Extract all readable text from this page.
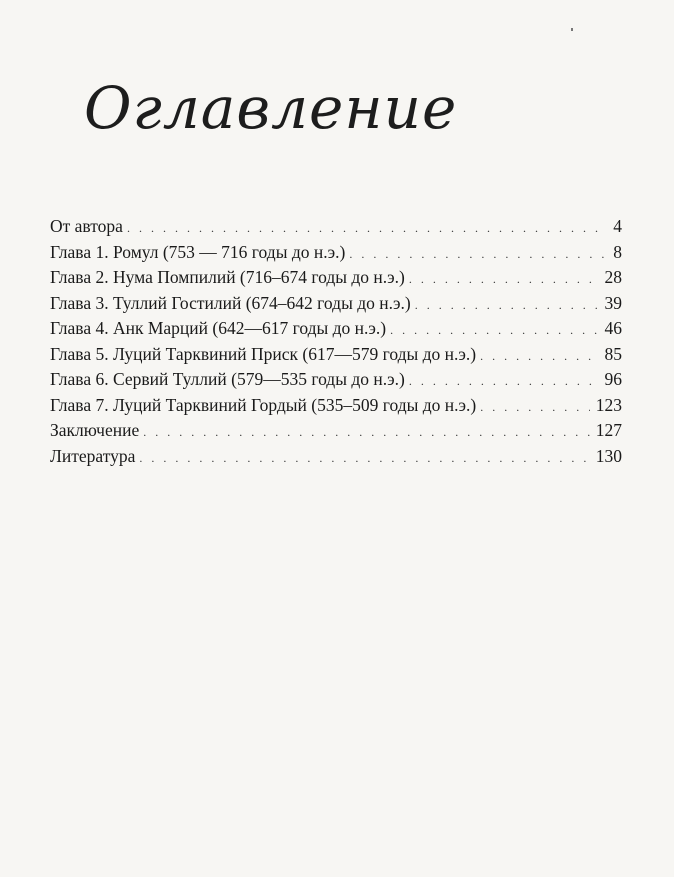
Оглавление
От автора . . .	4
Глава 1. Ромул (753 — 716 годы до н.э.) . . .	8
Глава 2. Нума Помпилий (716–674 годы до н.э.) . . .	28
Глава 3. Туллий Гостилий (674–642 годы до н.э.) . . .	39
Глава 4. Анк Марций (642—617 годы до н.э.) . . .	46
Глава 5. Луций Тарквиний Приск (617—579 годы до н.э.) . . .	85
Глава 6. Сервий Туллий (579—535 годы до н.э.) . . .	96
Глава 7. Луций Тарквиний Гордый (535–509 годы до н.э.) . . .	123
Заключение . . .	127
Литература . . .	130
